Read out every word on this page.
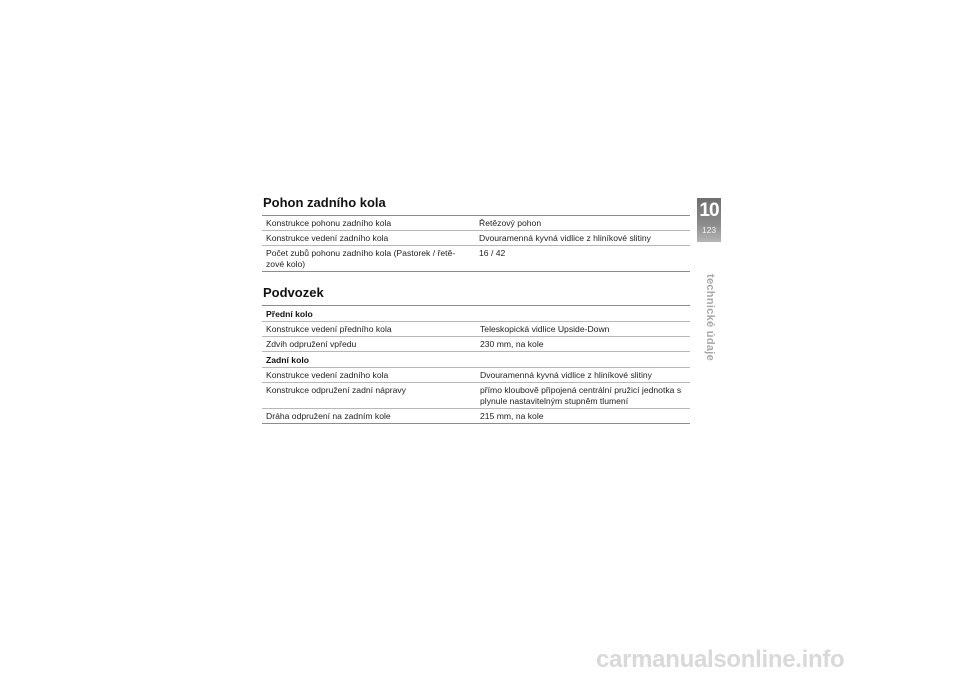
Pohon zadního kola
Konstrukce pohonu zadního kola	Řetězový pohon
Konstrukce vedení zadního kola	Dvouramenná kyvná vidlice z hliníkové slitiny
Počet zubů pohonu zadního kola (Pastorek / řetě-zové kolo)	16 / 42
Podvozek
Přední kolo	
Konstrukce vedení předního kola	Teleskopická vidlice Upside-Down
Zdvih odpružení vpředu	230 mm, na kole
Zadní kolo	
Konstrukce vedení zadního kola	Dvouramenná kyvná vidlice z hliníkové slitiny
Konstrukce odpružení zadní nápravy	přímo kloubově připojená centrální pružicí jednotka s plynule nastavitelným stupněm tlumení
Dráha odpružení na zadním kole	215 mm, na kole
10
123
technické údaje
carmanualsonline.info
